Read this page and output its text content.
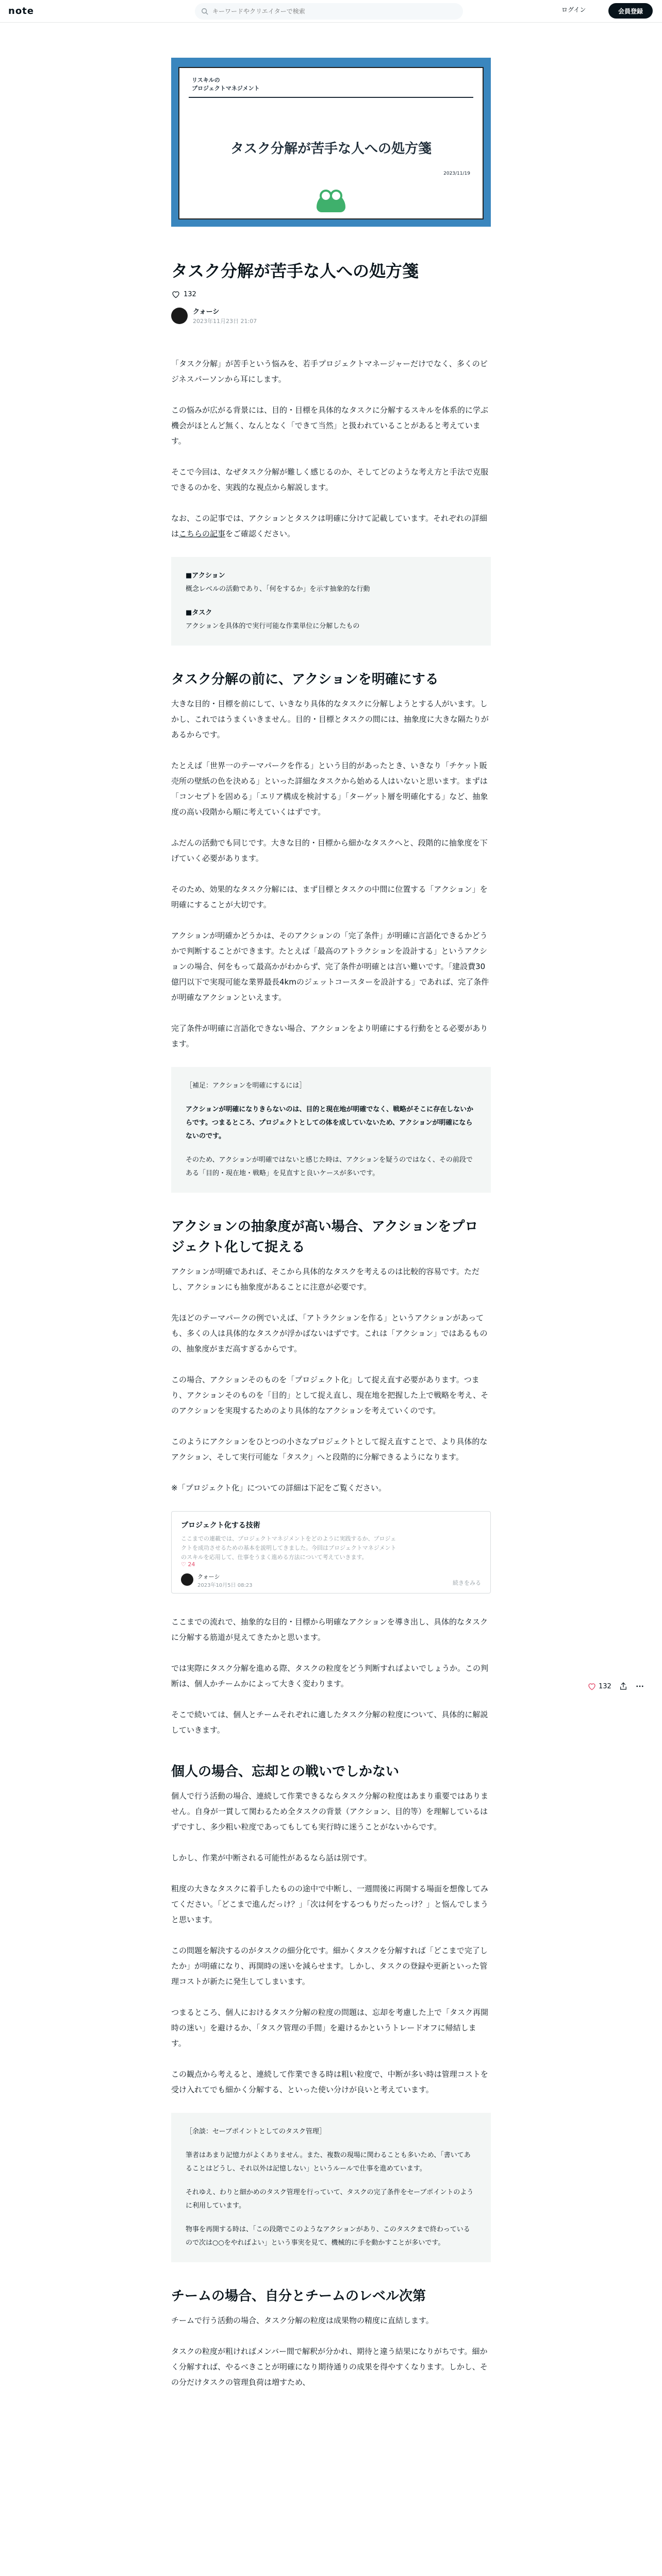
note
キーワードやクリエイターで検索	ログイン	会員登録
リスキルの
プロジェクトマネジメント
タスク分解が苦手な人への処方箋
2023/11/19
タスク分解が苦手な人への処方箋
132
クォーシ
2023年11月23日 21:07

「タスク分解」が苦手という悩みを、若手プロジェクトマネージャーだけでなく、多くのビジネスパーソンから耳にします。

この悩みが広がる背景には、目的・目標を具体的なタスクに分解するスキルを体系的に学ぶ機会がほとんど無く、なんとなく「できて当然」と扱われていることがあると考えています。

そこで今回は、なぜタスク分解が難しく感じるのか、そしてどのような考え方と手法で克服できるのかを、実践的な視点から解説します。

なお、この記事では、アクションとタスクは明確に分けて記載しています。それぞれの詳細はこちらの記事をご確認ください。

■アクション
概念レベルの活動であり、「何をするか」を示す抽象的な行動

■タスク
アクションを具体的で実行可能な作業単位に分解したもの

タスク分解の前に、アクションを明確にする

大きな目的・目標を前にして、いきなり具体的なタスクに分解しようとする人がいます。しかし、これではうまくいきません。目的・目標とタスクの間には、抽象度に大きな隔たりがあるからです。

たとえば「世界一のテーマパークを作る」という目的があったとき、いきなり「チケット販売所の壁紙の色を決める」といった詳細なタスクから始める人はいないと思います。まずは「コンセプトを固める」「エリア構成を検討する」「ターゲット層を明確化する」など、抽象度の高い段階から順に考えていくはずです。

ふだんの活動でも同じです。大きな目的・目標から細かなタスクへと、段階的に抽象度を下げていく必要があります。

そのため、効果的なタスク分解には、まず目標とタスクの中間に位置する「アクション」を明確にすることが大切です。

アクションが明確かどうかは、そのアクションの「完了条件」が明確に言語化できるかどうかで判断することができます。たとえば「最高のアトラクションを設計する」というアクションの場合、何をもって最高かがわからず、完了条件が明確とは言い難いです。「建設費30億円以下で実現可能な業界最長4kmのジェットコースターを設計する」であれば、完了条件が明確なアクションといえます。

完了条件が明確に言語化できない場合、アクションをより明確にする行動をとる必要があります。

［補足：アクションを明確にするには］

アクションが明確になりきらないのは、目的と現在地が明確でなく、戦略がそこに存在しないからです。つまるところ、プロジェクトとしての体を成していないため、アクションが明確にならないのです。

そのため、アクションが明確ではないと感じた時は、アクションを疑うのではなく、その前段である「目的・現在地・戦略」を見直すと良いケースが多いです。

アクションの抽象度が高い場合、アクションをプロジェクト化して捉える

アクションが明確であれば、そこから具体的なタスクを考えるのは比較的容易です。ただし、アクションにも抽象度があることに注意が必要です。

先ほどのテーマパークの例でいえば、「アトラクションを作る」というアクションがあっても、多くの人は具体的なタスクが浮かばないはずです。これは「アクション」ではあるものの、抽象度がまだ高すぎるからです。

この場合、アクションそのものを「プロジェクト化」して捉え直す必要があります。つまり、アクションそのものを「目的」として捉え直し、現在地を把握した上で戦略を考え、そのアクションを実現するためのより具体的なアクションを考えていくのです。

このようにアクションをひとつの小さなプロジェクトとして捉え直すことで、より具体的なアクション、そして実行可能な「タスク」へと段階的に分解できるようになります。

※「プロジェクト化」についての詳細は下記をご覧ください。

プロジェクト化する技術
ここまでの連載では、プロジェクトマネジメントをどのように実践するか、プロジェクトを成功させるための基本を説明してきました。今回はプロジェクトマネジメントのスキルを応用して、仕事をうまく進める方法について考えていきます。
♡ 24
クォーシ
2023年10月5日 08:23	続きをみる

ここまでの流れで、抽象的な目的・目標から明確なアクションを導き出し、具体的なタスクに分解する筋道が見えてきたかと思います。

では実際にタスク分解を進める際、タスクの粒度をどう判断すればよいでしょうか。この判断は、個人かチームかによって大きく変わります。

そこで続いては、個人とチームそれぞれに適したタスク分解の粒度について、具体的に解説していきます。

個人の場合、忘却との戦いでしかない

個人で行う活動の場合、連続して作業できるならタスク分解の粒度はあまり重要ではありません。自身が一貫して関わるため全タスクの背景（アクション、目的等）を理解しているはずですし、多少粗い粒度であってもしても実行時に迷うことがないからです。

しかし、作業が中断される可能性があるなら話は別です。

粗度の大きなタスクに着手したものの途中で中断し、一週間後に再開する場面を想像してみてください。「どこまで進んだっけ？」「次は何をするつもりだったっけ？」と悩んでしまうと思います。

この問題を解決するのがタスクの細分化です。細かくタスクを分解すれば「どこまで完了したか」が明確になり、再開時の迷いを減らせます。しかし、タスクの登録や更新といった管理コストが新たに発生してしまいます。

つまるところ、個人におけるタスク分解の粒度の問題は、忘却を考慮した上で「タスク再開時の迷い」を避けるか、「タスク管理の手間」を避けるかというトレードオフに帰結します。

この観点から考えると、連続して作業できる時は粗い粒度で、中断が多い時は管理コストを受け入れてでも細かく分解する、といった使い分けが良いと考えています。

［余談：セーブポイントとしてのタスク管理］

筆者はあまり記憶力がよくありません。また、複数の現場に関わることも多いため、「書いてあることはどうし、それ以外は記憶しない」というルールで仕事を進めています。

それゆえ、わりと細かめのタスク管理を行っていて、タスクの完了条件をセーブポイントのように利用しています。

物事を再開する時は、「この段階でこのようなアクションがあり、このタスクまで終わっているので次は○○をやればよい」という事実を見て、機械的に手を動かすことが多いです。

チームの場合、自分とチームのレベル次第

チームで行う活動の場合、タスク分解の粒度は成果物の精度に直結します。

タスクの粒度が粗ければメンバー間で解釈が分かれ、期待と違う結果になりがちです。細かく分解すれば、やるべきことが明確になり期待通りの成果を得やすくなります。しかし、その分だけタスクの管理負荷は増すため、

132
